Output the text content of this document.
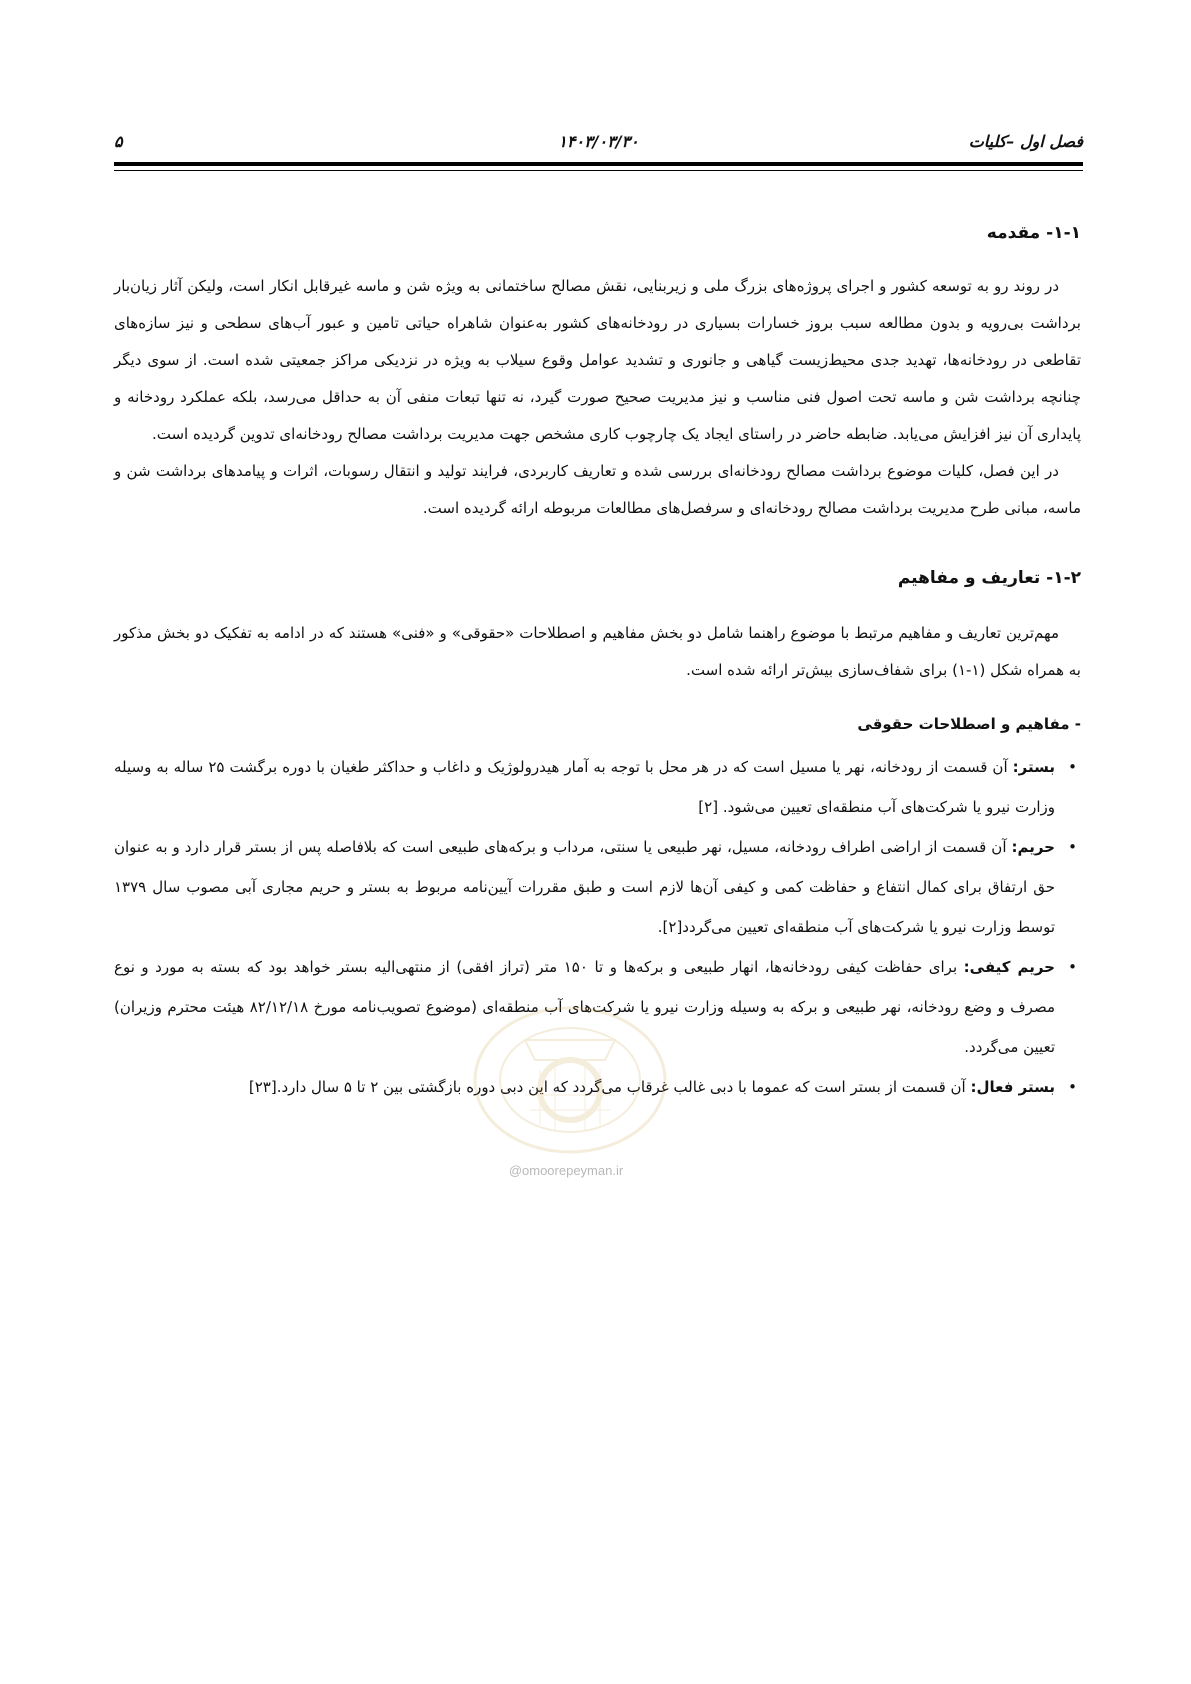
فصل اول –کلیات
۱۴۰۳/۰۳/۳۰
۵
۱-۱- مقدمه

در روند رو به توسعه کشور و اجرای پروژه‌های بزرگ ملی و زیربنایی، نقش مصالح ساختمانی به ویژه شن و ماسه غیرقابل انکار است، ولیکن آثار زیان‌بار برداشت بی‌رویه و بدون مطالعه سبب بروز خسارات بسیاری در رودخانه‌های کشور به‌عنوان شاهراه حیاتی تامین و عبور آب‌های سطحی و نیز سازه‌های تقاطعی در رودخانه‌ها، تهدید جدی محیط‌زیست گیاهی و جانوری و تشدید عوامل وقوع سیلاب به ویژه در نزدیکی مراکز جمعیتی شده است. از سوی دیگر چنانچه برداشت شن و ماسه تحت اصول فنی مناسب و نیز مدیریت صحیح صورت گیرد، نه تنها تبعات منفی آن به حداقل می‌رسد، بلکه عملکرد رودخانه و پایداری آن نیز افزایش می‌یابد. ضابطه حاضر در راستای ایجاد یک چارچوب کاری مشخص جهت مدیریت برداشت مصالح رودخانه‌ای تدوین گردیده است.

در این فصل، کلیات موضوع برداشت مصالح رودخانه‌ای بررسی شده و تعاریف کاربردی، فرایند تولید و انتقال رسوبات، اثرات و پیامدهای برداشت شن و ماسه، مبانی طرح مدیریت برداشت مصالح رودخانه‌ای و سرفصل‌های مطالعات مربوطه ارائه گردیده است.

۱-۲- تعاریف و مفاهیم

مهم‌ترین تعاریف و مفاهیم مرتبط با موضوع راهنما شامل دو بخش مفاهیم و اصطلاحات «حقوقی» و «فنی» هستند که در ادامه به تفکیک دو بخش مذکور به همراه شکل (۱-۱) برای شفاف‌سازی بیش‌تر ارائه شده است.

- مفاهیم و اصطلاحات حقوقی
•
بستر: آن قسمت از رودخانه، نهر یا مسیل است که در هر محل با توجه به آمار هیدرولوژیک و داغاب و حداکثر طغیان با دوره برگشت ۲۵ ساله به وسیله وزارت نیرو یا شرکت‌های آب منطقه‌ای تعیین می‌شود. [۲]
•
حریم: آن قسمت از اراضی اطراف رودخانه، مسیل، نهر طبیعی یا سنتی، مرداب و برکه‌های طبیعی است که بلافاصله پس از بستر قرار دارد و به عنوان حق ارتفاق برای کمال انتفاع و حفاظت کمی و کیفی آن‌ها لازم است و طبق مقررات آیین‌نامه مربوط به بستر و حریم مجاری آبی مصوب سال ۱۳۷۹ توسط وزارت نیرو یا شرکت‌های آب منطقه‌ای تعیین می‌گردد[۲].
•
حریم کیفی: برای حفاظت کیفی رودخانه‌ها، انهار طبیعی و برکه‌ها و تا ۱۵۰ متر (تراز افقی) از منتهی‌الیه بستر خواهد بود که بسته به مورد و نوع مصرف و وضع رودخانه، نهر طبیعی و برکه به وسیله وزارت نیرو یا شرکت‌های آب منطقه‌ای (موضوع تصویب‌نامه مورخ ۸۲/۱۲/۱۸ هیئت محترم وزیران) تعیین می‌گردد.
•
بستر فعال: آن قسمت از بستر است که عموما با دبی غالب غرقاب می‌گردد که این دبی دوره بازگشتی بین ۲ تا ۵ سال دارد.[۲۳]
@omoorepeyman.ir
